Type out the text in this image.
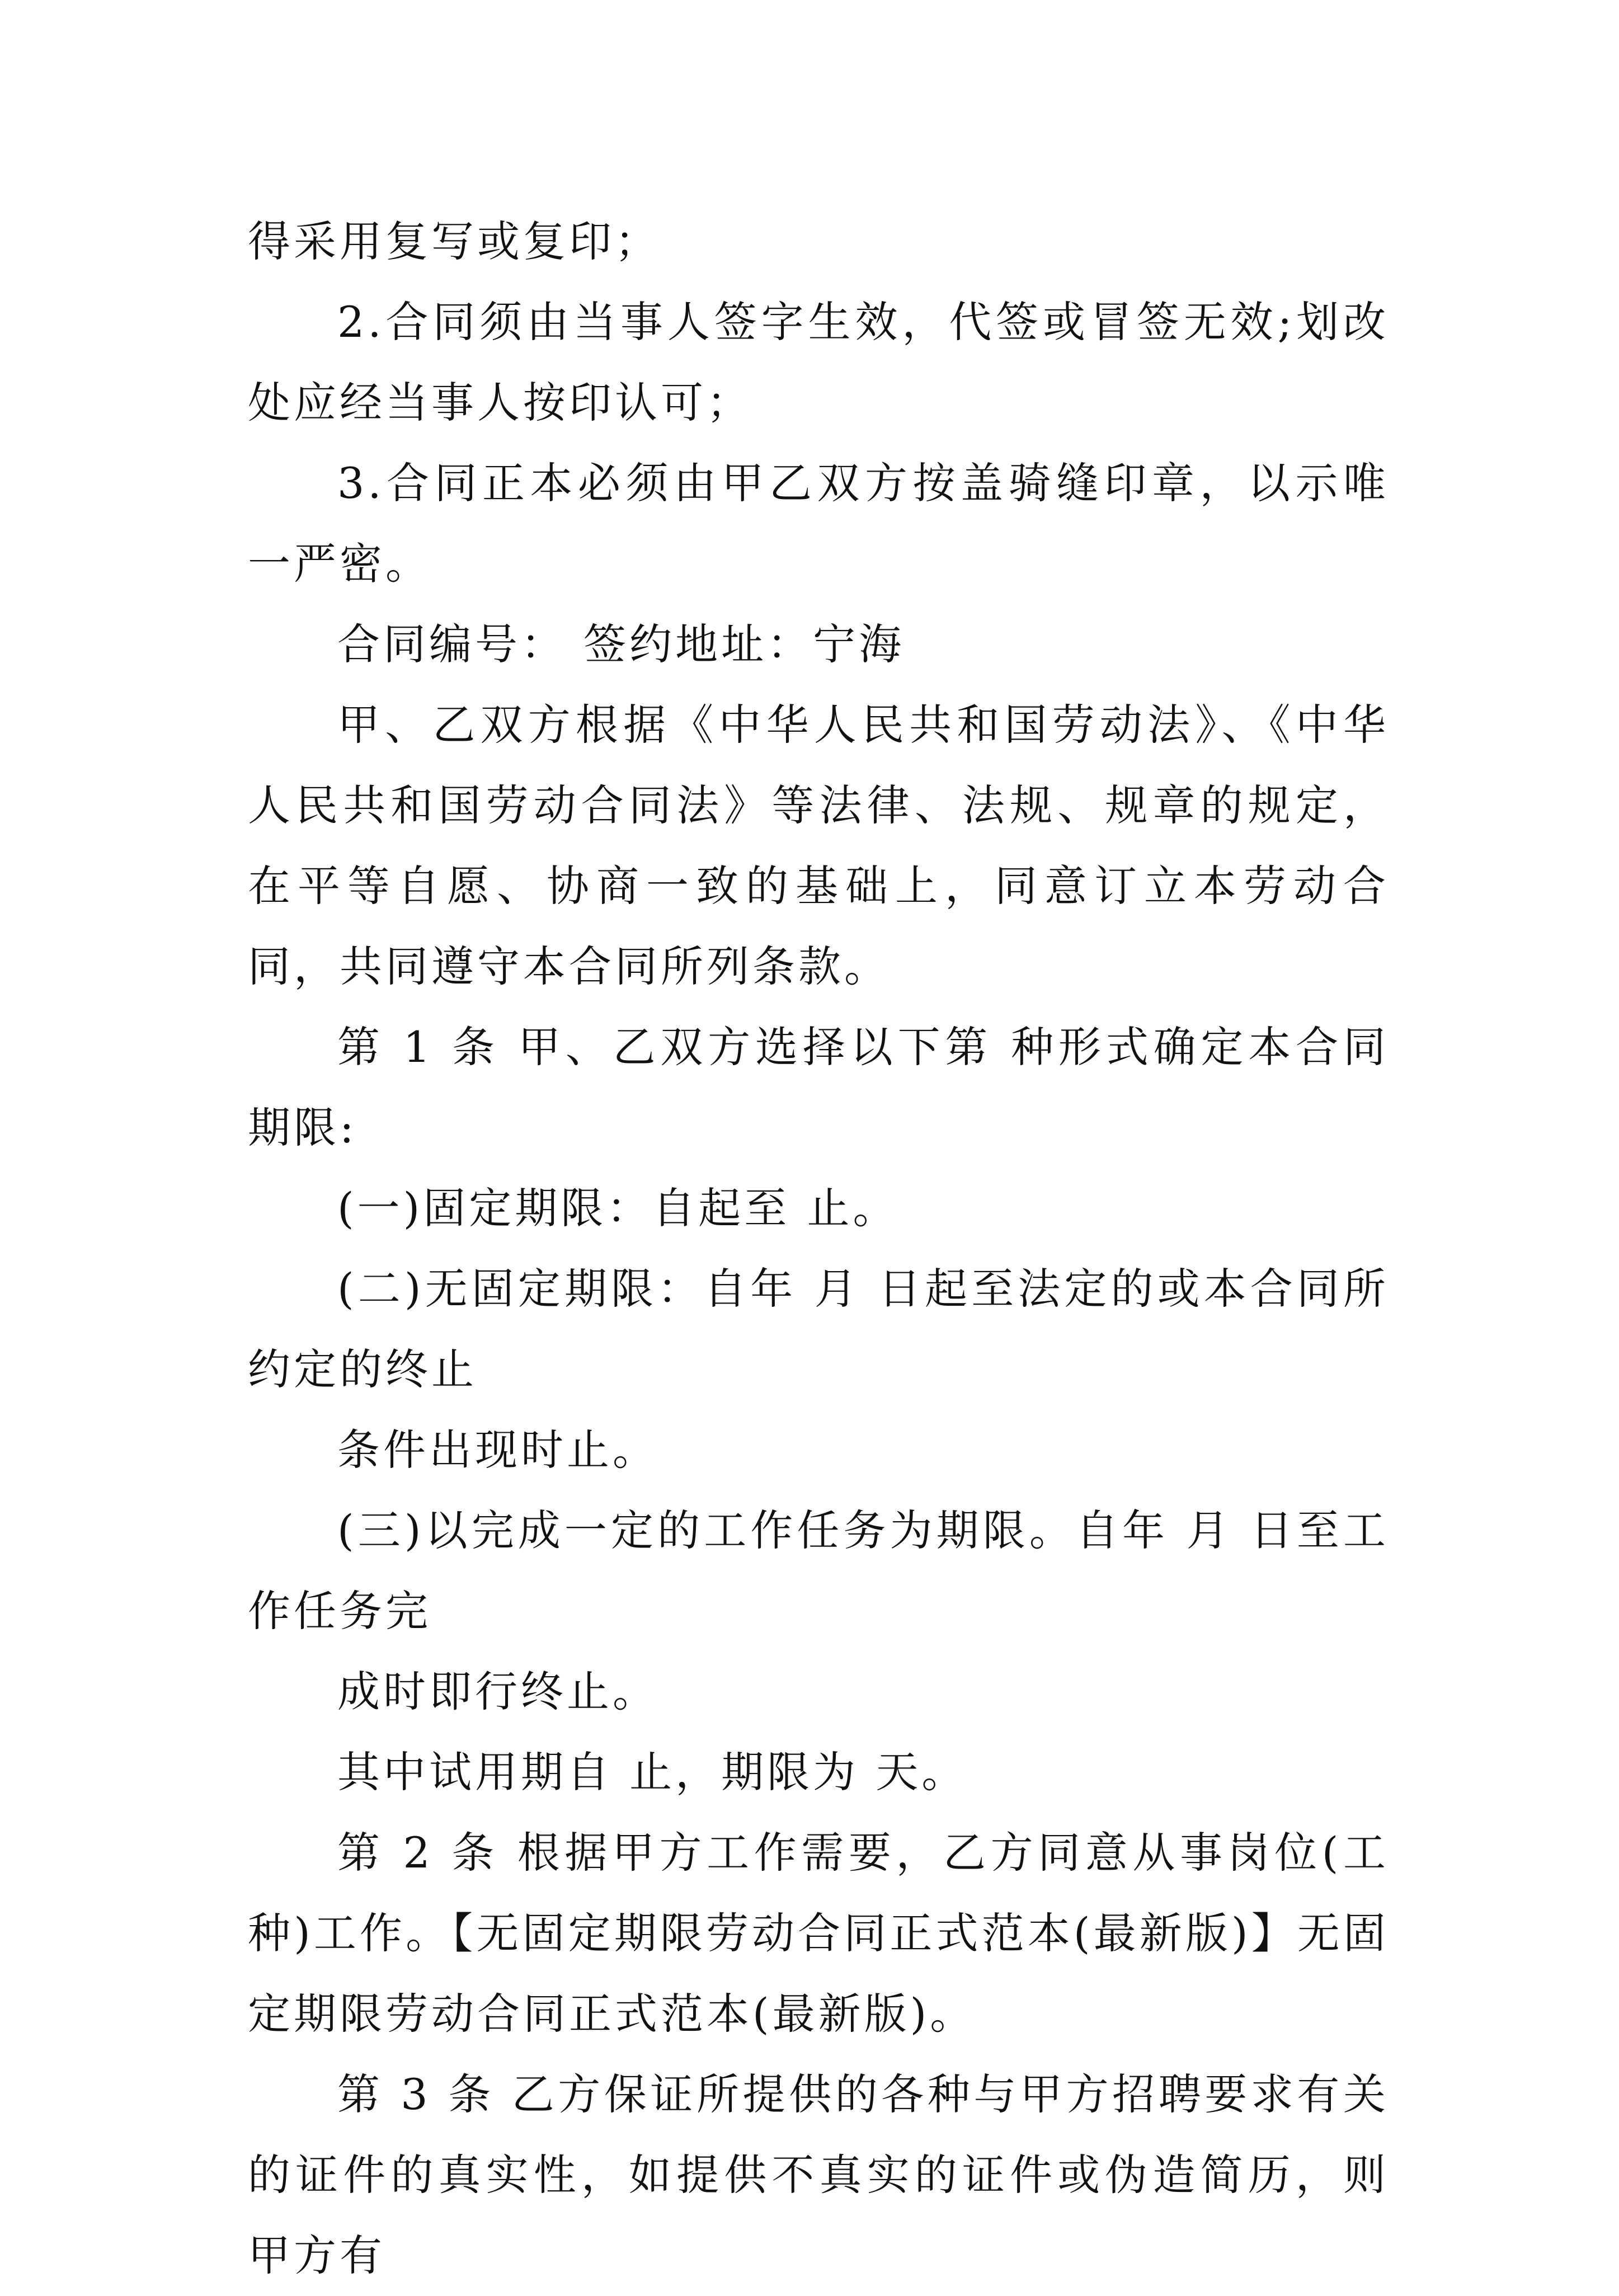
得采用复写或复印；

2.合同须由当事人签字生效，代签或冒签无效;划改处应经当事人按印认可；

3.合同正本必须由甲乙双方按盖骑缝印章，以示唯一严密。

合同编号： 签约地址：宁海

甲、乙双方根据《中华人民共和国劳动法》、《中华人民共和国劳动合同法》等法律、法规、规章的规定，在平等自愿、协商一致的基础上，同意订立本劳动合同，共同遵守本合同所列条款。

第 1 条 甲、乙双方选择以下第 种形式确定本合同期限:

(一)固定期限：自起至 止。

(二)无固定期限：自年 月 日起至法定的或本合同所约定的终止

条件出现时止。

(三)以完成一定的工作任务为期限。自年 月 日至工作任务完

成时即行终止。

其中试用期自 止，期限为 天。

第 2 条 根据甲方工作需要，乙方同意从事岗位(工种)工作。【无固定期限劳动合同正式范本(最新版)】无固定期限劳动合同正式范本(最新版)。

第 3 条 乙方保证所提供的各种与甲方招聘要求有关的证件的真实性，如提供不真实的证件或伪造简历，则甲方有
